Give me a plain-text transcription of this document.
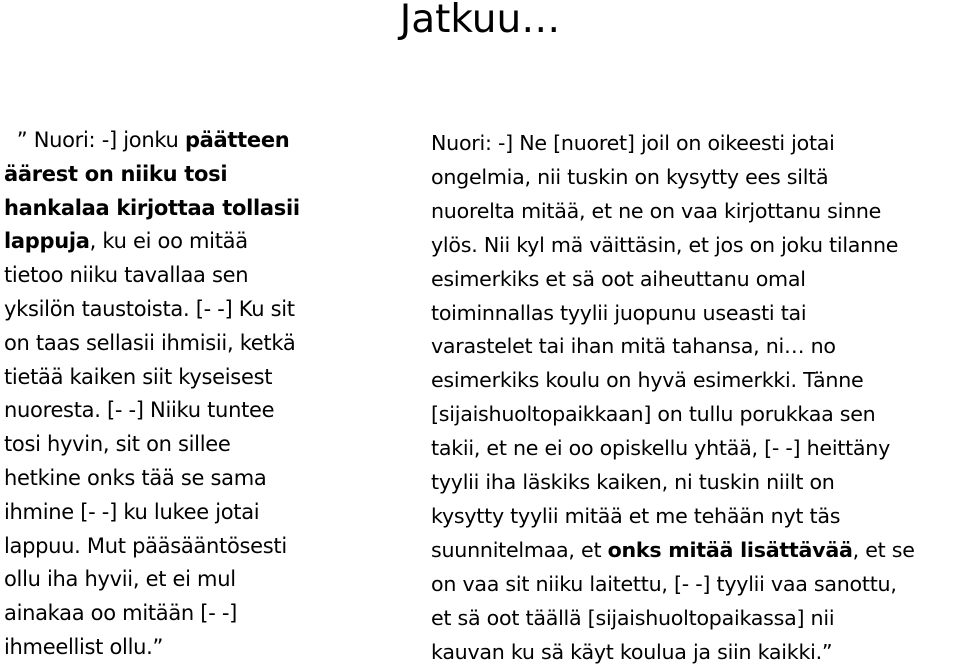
Jatkuu…
” Nuori: -] jonku päätteen
äärest on niiku tosi
hankalaa kirjottaa tollasii
lappuja, ku ei oo mitää
tietoo niiku tavallaa sen
yksilön taustoista. [- -] Ku sit
on taas sellasii ihmisii, ketkä
tietää kaiken siit kyseisest
nuoresta. [- -] Niiku tuntee
tosi hyvin, sit on sillee
hetkine onks tää se sama
ihmine [- -] ku lukee jotai
lappuu. Mut pääsääntösesti
ollu iha hyvii, et ei mul
ainakaa oo mitään [- -]
ihmeellist ollu.”
Nuori: -] Ne [nuoret] joil on oikeesti jotai
ongelmia, nii tuskin on kysytty ees siltä
nuorelta mitää, et ne on vaa kirjottanu sinne
ylös. Nii kyl mä väittäsin, et jos on joku tilanne
esimerkiks et sä oot aiheuttanu omal
toiminnallas tyylii juopunu useasti tai
varastelet tai ihan mitä tahansa, ni… no
esimerkiks koulu on hyvä esimerkki. Tänne
[sijaishuoltopaikkaan] on tullu porukkaa sen
takii, et ne ei oo opiskellu yhtää, [- -] heittäny
tyylii iha läskiks kaiken, ni tuskin niilt on
kysytty tyylii mitää et me tehään nyt täs
suunnitelmaa, et onks mitää lisättävää, et se
on vaa sit niiku laitettu, [- -] tyylii vaa sanottu,
et sä oot täällä [sijaishuoltopaikassa] nii
kauvan ku sä käyt koulua ja siin kaikki.”
